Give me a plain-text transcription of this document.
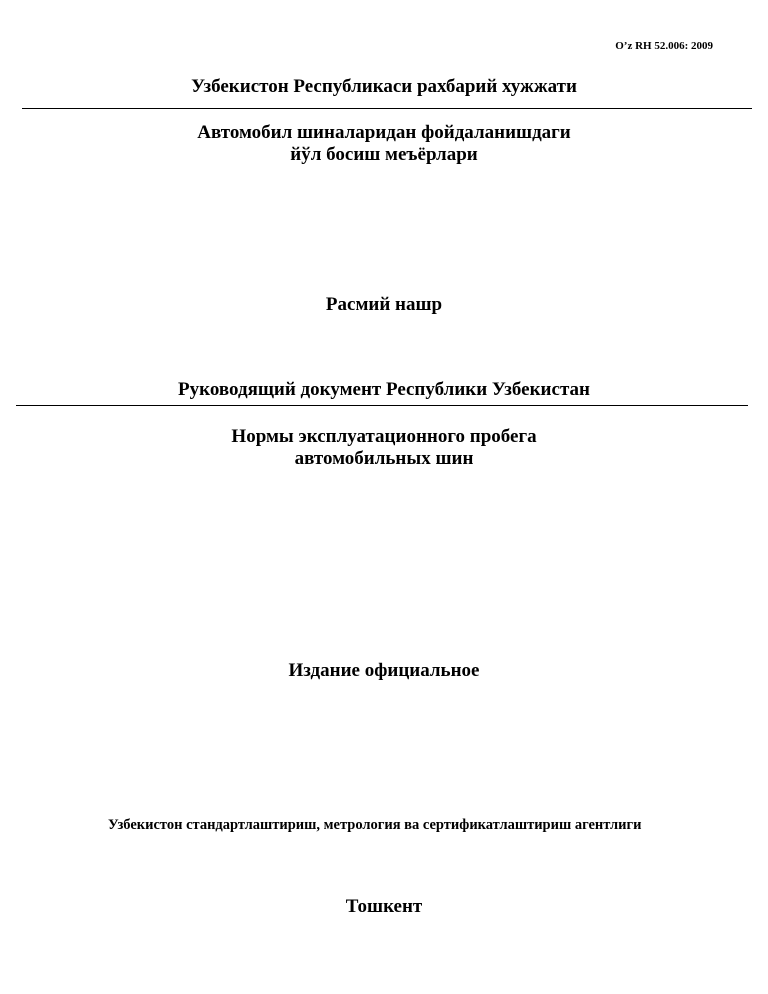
O’z RH 52.006: 2009
Узбекистон Республикаси рахбарий хужжати
Автомобил шиналаридан фойдаланишдаги
йўл босиш меъёрлари
Расмий нашр
Руководящий документ Республики Узбекистан
Нормы эксплуатационного пробега
автомобильных шин
Издание официальное
Узбекистон стандартлаштириш, метрология ва сертификатлаштириш агентлиги
Тошкент
